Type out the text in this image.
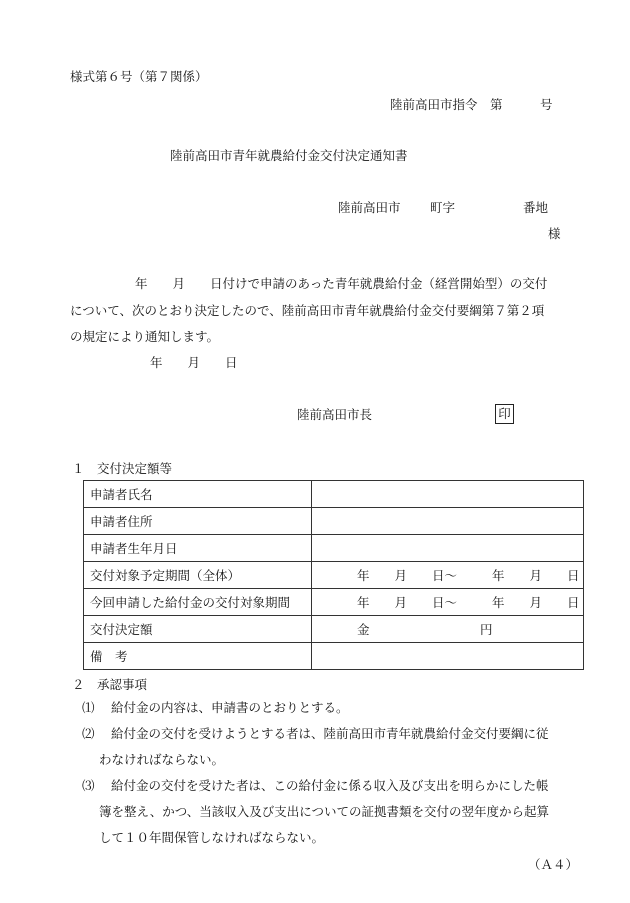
様式第６号（第７関係）
陸前高田市指令　第　　　号
陸前高田市青年就農給付金交付決定通知書
陸前高田市 町字	番地
様
年　　月　　日付けで申請のあった青年就農給付金（経営開始型）の交付
について、次のとおり決定したので、陸前高田市青年就農給付金交付要綱第７第２項
の規定により通知します。
年　　月　　日
陸前高田市長	印
１　交付決定額等
申請者氏名	
申請者住所	
申請者生年月日	
交付対象予定期間（全体）	年　　月　　日〜 年　　月　　日

今回申請した給付金の交付対象期間	年　　月　　日〜 年　　月　　日

交付決定額	金 円

備　考	
２　承認事項
⑴ 給付金の内容は、申請書のとおりとする。
⑵ 給付金の交付を受けようとする者は、陸前高田市青年就農給付金交付要綱に従
わなければならない。
⑶ 給付金の交付を受けた者は、この給付金に係る収入及び支出を明らかにした帳
簿を整え、かつ、当該収入及び支出についての証拠書類を交付の翌年度から起算
して１０年間保管しなければならない。
（Ａ４）
